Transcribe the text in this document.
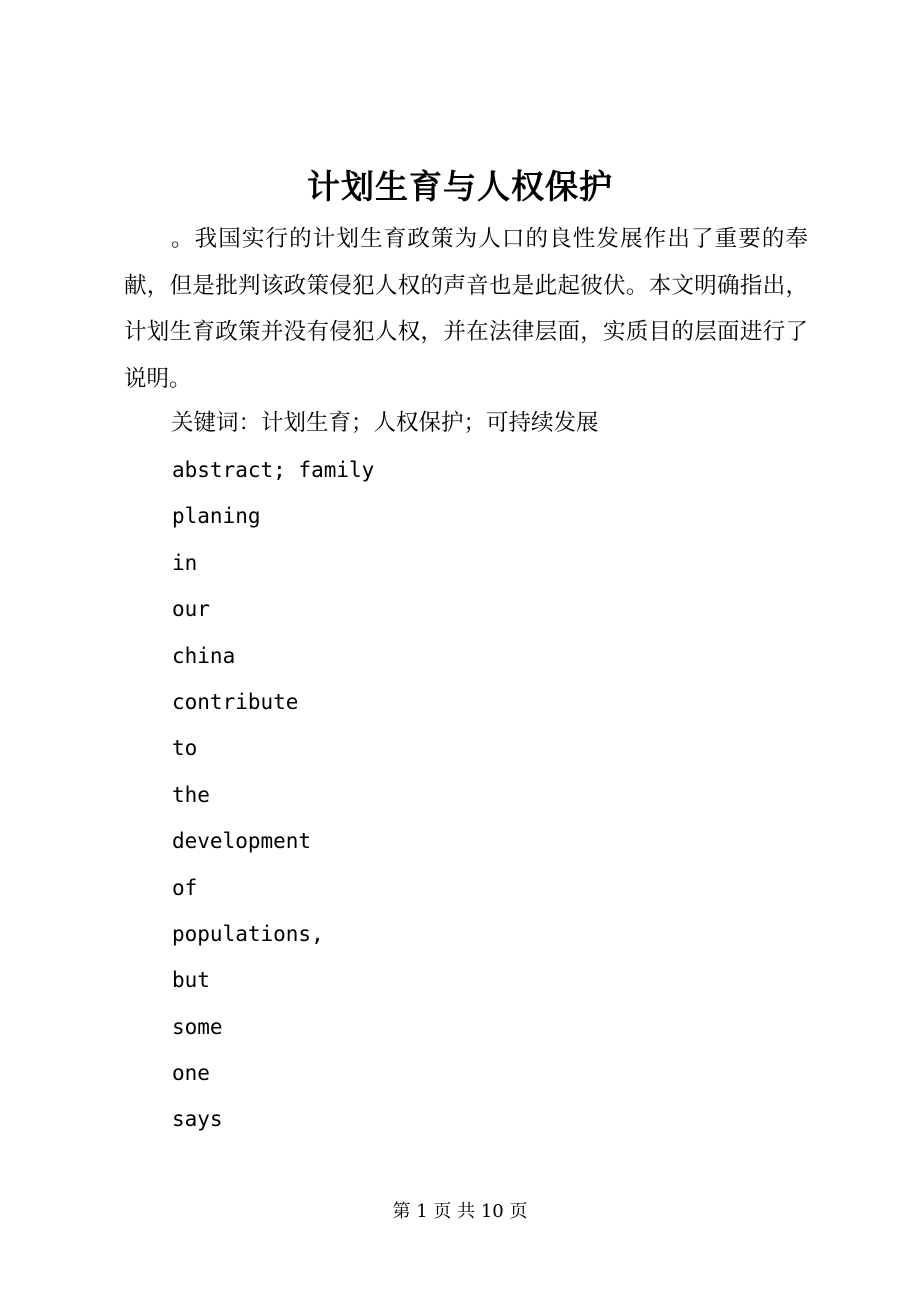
计划生育与人权保护

。我国实行的计划生育政策为人口的良性发展作出了重要的奉献，但是批判该政策侵犯人权的声音也是此起彼伏。本文明确指出，计划生育政策并没有侵犯人权，并在法律层面，实质目的层面进行了说明。

关键词：计划生育；人权保护；可持续发展
abstract; family
planing
in
our
china
contribute
to
the
development
of
populations,
but
some
one
says
第 1 页 共 10 页
